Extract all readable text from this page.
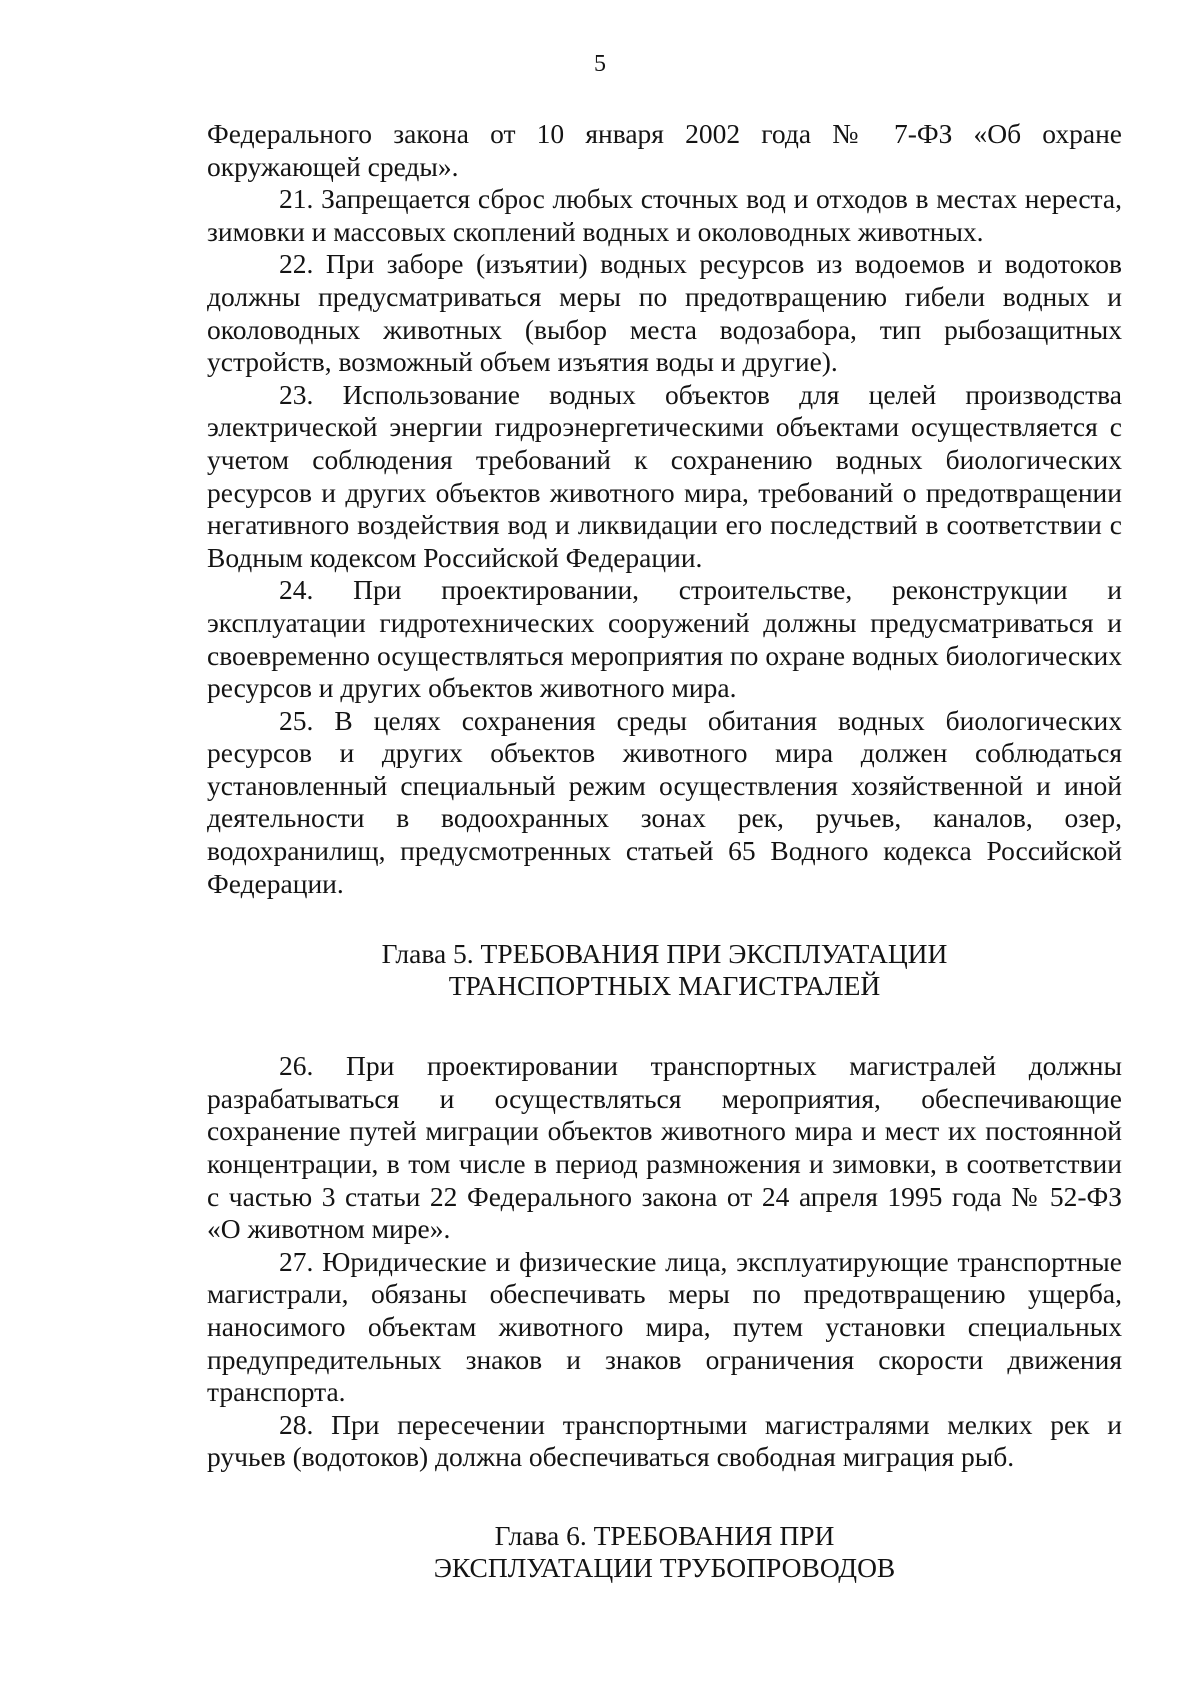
5

Федерального закона от 10 января 2002 года № 7-ФЗ «Об охране окружающей среды».

21. Запрещается сброс любых сточных вод и отходов в местах нереста, зимовки и массовых скоплений водных и околоводных животных.

22. При заборе (изъятии) водных ресурсов из водоемов и водотоков должны предусматриваться меры по предотвращению гибели водных и околоводных животных (выбор места водозабора, тип рыбозащитных устройств, возможный объем изъятия воды и другие).

23. Использование водных объектов для целей производства электрической энергии гидроэнергетическими объектами осуществляется с учетом соблюдения требований к сохранению водных биологических ресурсов и других объектов животного мира, требований о предотвращении негативного воздействия вод и ликвидации его последствий в соответствии с Водным кодексом Российской Федерации.

24. При проектировании, строительстве, реконструкции и эксплуатации гидротехнических сооружений должны предусматриваться и своевременно осуществляться мероприятия по охране водных биологических ресурсов и других объектов животного мира.

25. В целях сохранения среды обитания водных биологических ресурсов и других объектов животного мира должен соблюдаться установленный специальный режим осуществления хозяйственной и иной деятельности в водоохранных зонах рек, ручьев, каналов, озер, водохранилищ, предусмотренных статьей 65 Водного кодекса Российской Федерации.

Глава 5. ТРЕБОВАНИЯ ПРИ ЭКСПЛУАТАЦИИ
ТРАНСПОРТНЫХ МАГИСТРАЛЕЙ

26. При проектировании транспортных магистралей должны разрабатываться и осуществляться мероприятия, обеспечивающие сохранение путей миграции объектов животного мира и мест их постоянной концентрации, в том числе в период размножения и зимовки, в соответствии с частью 3 статьи 22 Федерального закона от 24 апреля 1995 года № 52-ФЗ «О животном мире».

27. Юридические и физические лица, эксплуатирующие транспортные магистрали, обязаны обеспечивать меры по предотвращению ущерба, наносимого объектам животного мира, путем установки специальных предупредительных знаков и знаков ограничения скорости движения транспорта.

28. При пересечении транспортными магистралями мелких рек и ручьев (водотоков) должна обеспечиваться свободная миграция рыб.

Глава 6. ТРЕБОВАНИЯ ПРИ
ЭКСПЛУАТАЦИИ ТРУБОПРОВОДОВ
